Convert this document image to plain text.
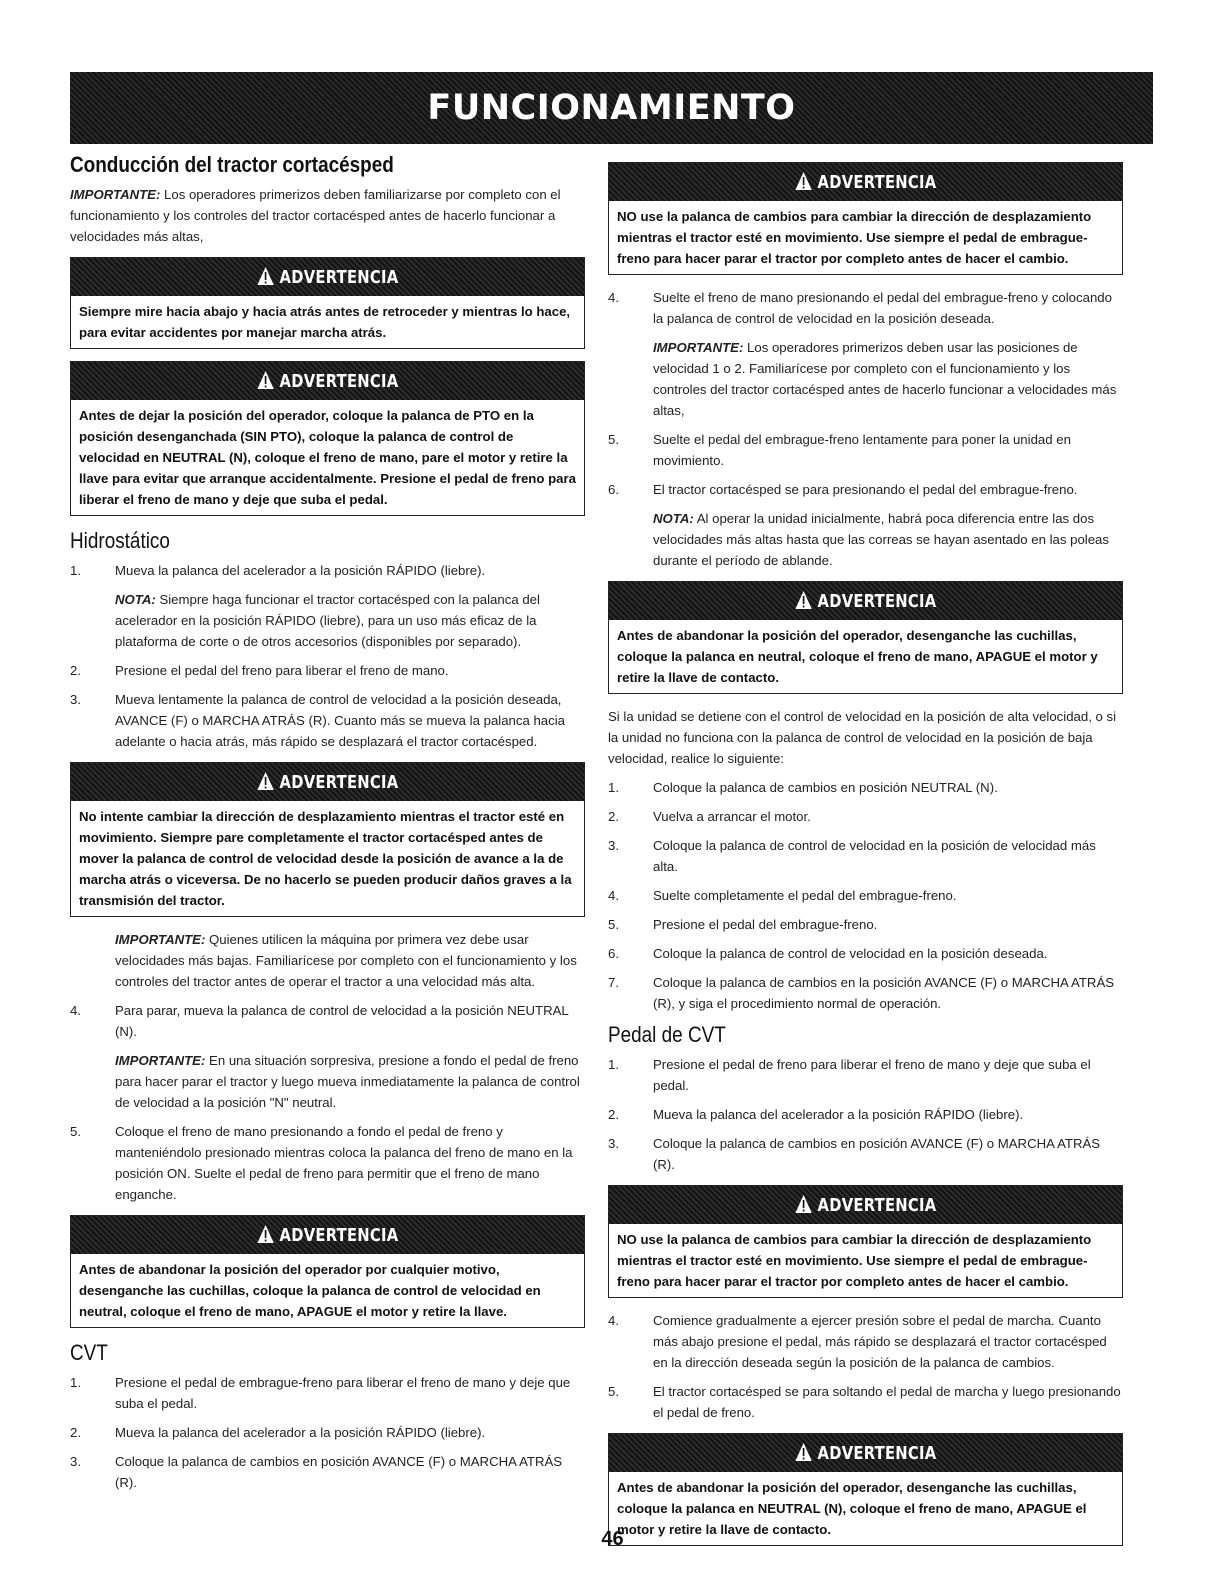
FUNCIONAMIENTO
Conducción del tractor cortacésped

IMPORTANTE: Los operadores primerizos deben familiarizarse por completo con el funcionamiento y los controles del tractor cortacésped antes de hacerlo funcionar a velocidades más altas,

ADVERTENCIA
Siempre mire hacia abajo y hacia atrás antes de retroceder y mientras lo hace, para evitar accidentes por manejar marcha atrás.
ADVERTENCIA
Antes de dejar la posición del operador, coloque la palanca de PTO en la posición desenganchada (SIN PTO), coloque la palanca de control de velocidad en NEUTRAL (N), coloque el freno de mano, pare el motor y retire la llave para evitar que arranque accidentalmente. Presione el pedal de freno para liberar el freno de mano y deje que suba el pedal.
Hidrostático
1.	Mueva la palanca del acelerador a la posición RÁPIDO (liebre).

NOTA: Siempre haga funcionar el tractor cortacésped con la palanca del acelerador en la posición RÁPIDO (liebre), para un uso más eficaz de la plataforma de corte o de otros accesorios (disponibles por separado).

2.	Presione el pedal del freno para liberar el freno de mano.
3.	Mueva lentamente la palanca de control de velocidad a la posición deseada, AVANCE (F) o MARCHA ATRÁS (R). Cuanto más se mueva la palanca hacia adelante o hacia atrás, más rápido se desplazará el tractor cortacésped.
ADVERTENCIA
No intente cambiar la dirección de desplazamiento mientras el tractor esté en movimiento. Siempre pare completamente el tractor cortacésped antes de mover la palanca de control de velocidad desde la posición de avance a la de marcha atrás o viceversa. De no hacerlo se pueden producir daños graves a la transmisión del tractor.

IMPORTANTE: Quienes utilicen la máquina por primera vez debe usar velocidades más bajas. Familiarícese por completo con el funcionamiento y los controles del tractor antes de operar el tractor a una velocidad más alta.

4.	Para parar, mueva la palanca de control de velocidad a la posición NEUTRAL (N).

IMPORTANTE: En una situación sorpresiva, presione a fondo el pedal de freno para hacer parar el tractor y luego mueva inmediatamente la palanca de control de velocidad a la posición "N" neutral.

5.	Coloque el freno de mano presionando a fondo el pedal de freno y manteniéndolo presionado mientras coloca la palanca del freno de mano en la posición ON. Suelte el pedal de freno para permitir que el freno de mano enganche.
ADVERTENCIA
Antes de abandonar la posición del operador por cualquier motivo, desenganche las cuchillas, coloque la palanca de control de velocidad en neutral, coloque el freno de mano, APAGUE el motor y retire la llave.
CVT
1.	Presione el pedal de embrague-freno para liberar el freno de mano y deje que suba el pedal.
2.	Mueva la palanca del acelerador a la posición RÁPIDO (liebre).
3.	Coloque la palanca de cambios en posición AVANCE (F) o MARCHA ATRÁS (R).
ADVERTENCIA
NO use la palanca de cambios para cambiar la dirección de desplazamiento mientras el tractor esté en movimiento. Use siempre el pedal de embrague-freno para hacer parar el tractor por completo antes de hacer el cambio.
4.	Suelte el freno de mano presionando el pedal del embrague-freno y colocando la palanca de control de velocidad en la posición deseada.

IMPORTANTE: Los operadores primerizos deben usar las posiciones de velocidad 1 o 2. Familiarícese por completo con el funcionamiento y los controles del tractor cortacésped antes de hacerlo funcionar a velocidades más altas,

5.	Suelte el pedal del embrague-freno lentamente para poner la unidad en movimiento.
6.	El tractor cortacésped se para presionando el pedal del embrague-freno.

NOTA: Al operar la unidad inicialmente, habrá poca diferencia entre las dos velocidades más altas hasta que las correas se hayan asentado en las poleas durante el período de ablande.

ADVERTENCIA
Antes de abandonar la posición del operador, desenganche las cuchillas, coloque la palanca en neutral, coloque el freno de mano, APAGUE el motor y retire la llave de contacto.

Si la unidad se detiene con el control de velocidad en la posición de alta velocidad, o si la unidad no funciona con la palanca de control de velocidad en la posición de baja velocidad, realice lo siguiente:

1.	Coloque la palanca de cambios en posición NEUTRAL (N).
2.	Vuelva a arrancar el motor.
3.	Coloque la palanca de control de velocidad en la posición de velocidad más alta.
4.	Suelte completamente el pedal del embrague-freno.
5.	Presione el pedal del embrague-freno.
6.	Coloque la palanca de control de velocidad en la posición deseada.
7.	Coloque la palanca de cambios en la posición AVANCE (F) o MARCHA ATRÁS (R), y siga el procedimiento normal de operación.
Pedal de CVT
1.	Presione el pedal de freno para liberar el freno de mano y deje que suba el pedal.
2.	Mueva la palanca del acelerador a la posición RÁPIDO (liebre).
3.	Coloque la palanca de cambios en posición AVANCE (F) o MARCHA ATRÁS (R).
ADVERTENCIA
NO use la palanca de cambios para cambiar la dirección de desplazamiento mientras el tractor esté en movimiento. Use siempre el pedal de embrague-freno para hacer parar el tractor por completo antes de hacer el cambio.
4.	Comience gradualmente a ejercer presión sobre el pedal de marcha. Cuanto más abajo presione el pedal, más rápido se desplazará el tractor cortacésped en la dirección deseada según la posición de la palanca de cambios.
5.	El tractor cortacésped se para soltando el pedal de marcha y luego presionando el pedal de freno.
ADVERTENCIA
Antes de abandonar la posición del operador, desenganche las cuchillas, coloque la palanca en NEUTRAL (N), coloque el freno de mano, APAGUE el motor y retire la llave de contacto.
46
